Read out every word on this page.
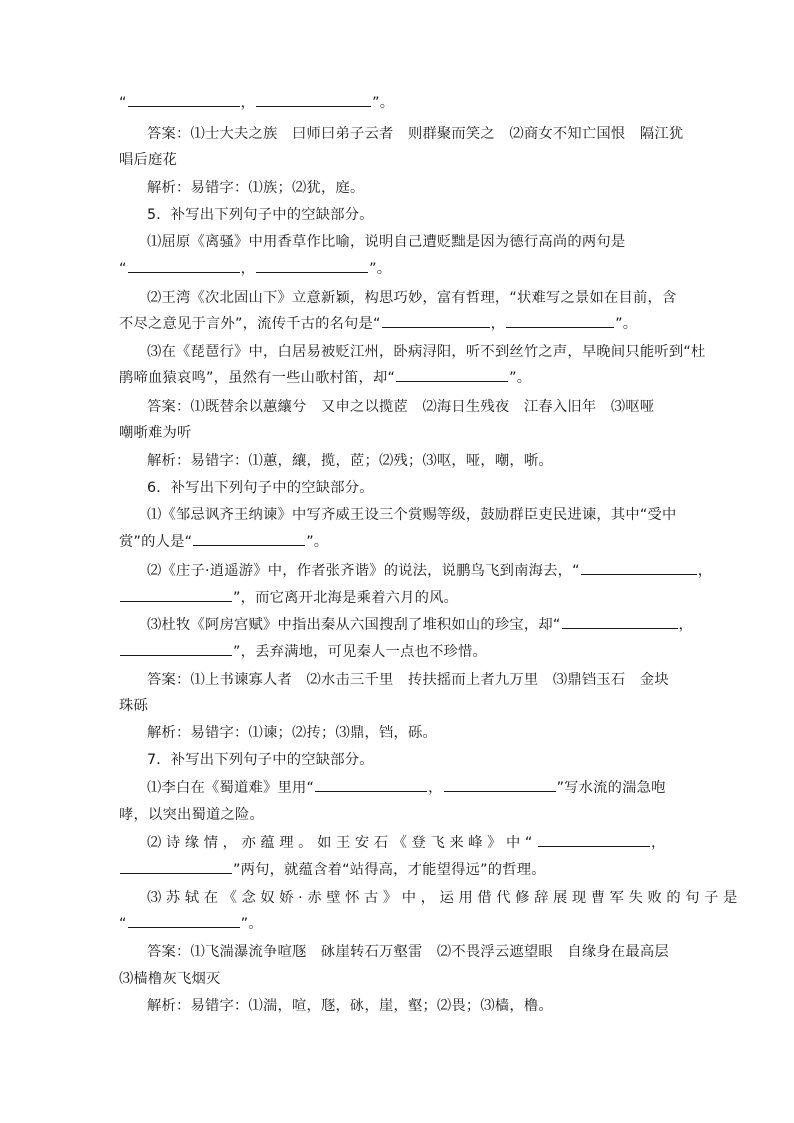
“	，	”。
答案：⑴士大夫之族　曰师曰弟子云者　则群聚而笑之　⑵商女不知亡国恨　隔江犹
唱后庭花
解析：易错字：⑴族；⑵犹，庭。
5．补写出下列句子中的空缺部分。
⑴屈原《离骚》中用香草作比喻，说明自己遭贬黜是因为德行高尚的两句是
“	，	”。
⑵王湾《次北固山下》立意新颖，构思巧妙，富有哲理，“状难写之景如在目前，含
不尽之意见于言外”，流传千古的名句是“	，	”。
⑶在《琵琶行》中，白居易被贬江州，卧病浔阳，听不到丝竹之声，早晚间只能听到“杜
鹃啼血猿哀鸣”，虽然有一些山歌村笛，却“	”。
答案：⑴既替余以蕙纕兮　又申之以揽茝　⑵海日生残夜　江春入旧年　⑶呕哑
嘲哳难为听
解析：易错字：⑴蕙，纕，揽，茝；⑵残；⑶呕，哑，嘲，哳。
6．补写出下列句子中的空缺部分。
⑴《邹忌讽齐王纳谏》中写齐威王设三个赏赐等级，鼓励群臣吏民进谏，其中“受中
赏”的人是“	”。
⑵《庄子·逍遥游》中，作者张齐谐》的说法，说鹏鸟飞到南海去，“	，
”，而它离开北海是乘着六月的风。
⑶杜牧《阿房宫赋》中指出秦从六国搜刮了堆积如山的珍宝，却“	，
”，丢弃满地，可见秦人一点也不珍惜。
答案：⑴上书谏寡人者　⑵水击三千里　抟扶摇而上者九万里　⑶鼎铛玉石　金块
珠砾
解析：易错字：⑴谏；⑵抟；⑶鼎，铛，砾。
7．补写出下列句子中的空缺部分。
⑴李白在《蜀道难》里用“	，	”写水流的湍急咆
哮，以突出蜀道之险。
⑵诗缘情，亦蕴理。如王安石《登飞来峰》中“	，
”两句，就蕴含着“站得高，才能望得远”的哲理。
⑶苏轼在《念奴娇·赤壁怀古》中，运用借代修辞展现曹军失败的句子是
“	”。
答案：⑴飞湍瀑流争喧豗　砯崖转石万壑雷　⑵不畏浮云遮望眼　自缘身在最高层
⑶樯橹灰飞烟灭
解析：易错字：⑴湍，喧，豗，砯，崖，壑；⑵畏；⑶樯，橹。
